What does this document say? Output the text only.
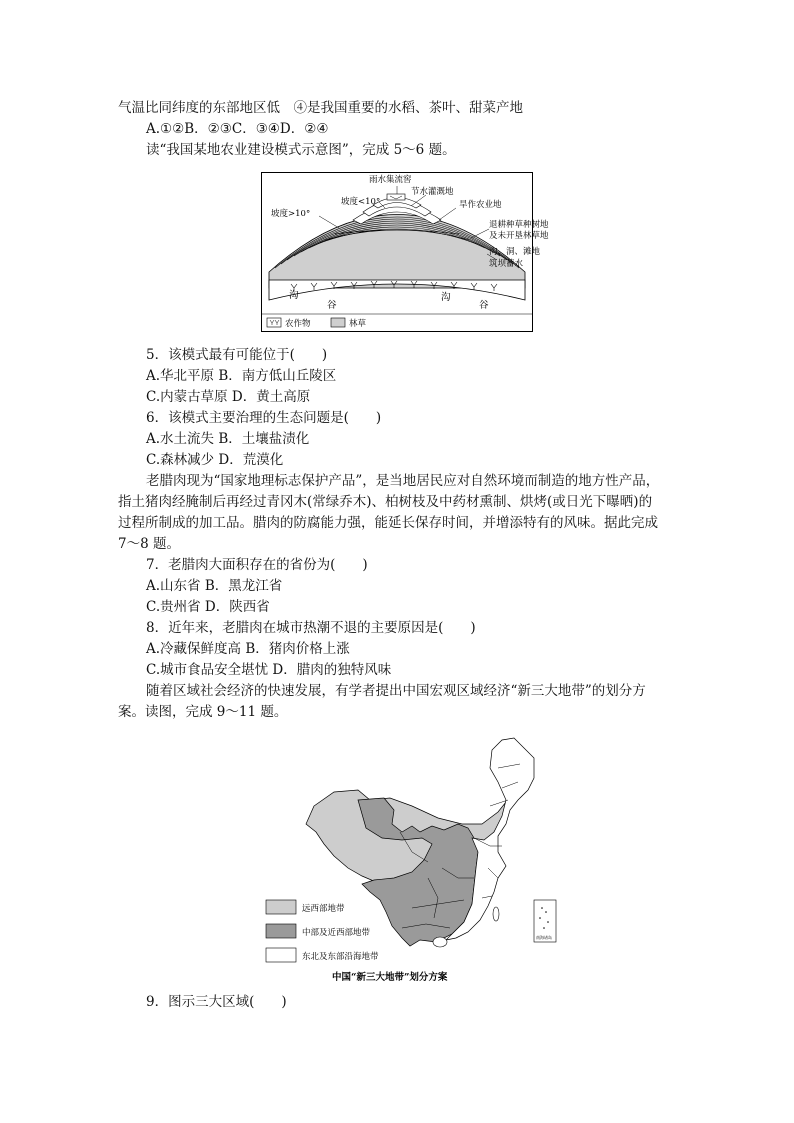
气温比同纬度的东部地区低　④是我国重要的水稻、茶叶、甜菜产地
A.①②B．②③C．③④D．②④
读“我国某地农业建设模式示意图”，完成 5～6 题。
雨水集流窖
坡度<10°
坡度>10°
节水灌溉地
旱作农业地
退耕种草种树地
及未开垦林草地
沟、洞、滩地
筑坝蓄水
沟
谷
沟
谷
农作物	林草
5．该模式最有可能位于(　　)
A.华北平原 B．南方低山丘陵区
C.内蒙古草原 D．黄土高原
6．该模式主要治理的生态问题是(　　)
A.水土流失 B．土壤盐渍化
C.森林减少 D．荒漠化
老腊肉现为“国家地理标志保护产品”，是当地居民应对自然环境而制造的地方性产品，
指土猪肉经腌制后再经过青冈木(常绿乔木)、柏树枝及中药材熏制、烘烤(或日光下曝晒)的
过程所制成的加工品。腊肉的防腐能力强，能延长保存时间，并增添特有的风味。据此完成
7～8 题。
7．老腊肉大面积存在的省份为(　　)
A.山东省 B．黑龙江省
C.贵州省 D．陕西省
8．近年来，老腊肉在城市热潮不退的主要原因是(　　)
A.冷藏保鲜度高 B．猪肉价格上涨
C.城市食品安全堪忧 D．腊肉的独特风味
随着区域社会经济的快速发展，有学者提出中国宏观区域经济“新三大地带”的划分方
案。读图，完成 9～11 题。
南海诸岛
远西部地带
中部及近西部地带
东北及东部沿海地带
中国“新三大地带”划分方案
9．图示三大区域(　　)
